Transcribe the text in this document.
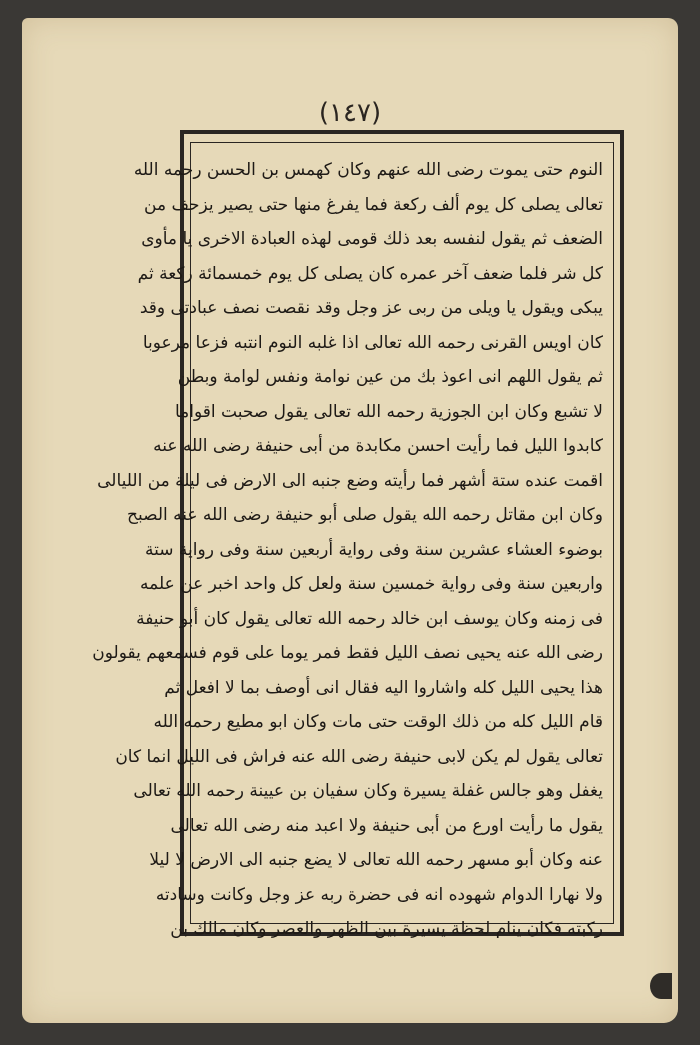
(١٤٧)
النوم حتى يموت رضى الله عنهم وكان كهمس بن الحسن رحمه الله
تعالى يصلى كل يوم ألف ركعة فما يفرغ منها حتى يصير يزحف من
الضعف ثم يقول لنفسه بعد ذلك قومى لهذه العبادة الاخرى يا مأوى
كل شر فلما ضعف آخر عمره كان يصلى كل يوم خمسمائة ركعة ثم
يبكى ويقول يا ويلى من ربى عز وجل وقد نقصت نصف عبادتى وقد
كان اويس القرنى رحمه الله تعالى اذا غلبه النوم انتبه فزعا مرعوبا
ثم يقول اللهم انى اعوذ بك من عين نوامة ونفس لوامة وبطن
لا تشبع وكان ابن الجوزية رحمه الله تعالى يقول صحبت اقواما
كابدوا الليل فما رأيت احسن مكابدة من أبى حنيفة رضى الله عنه
اقمت عنده ستة أشهر فما رأيته وضع جنبه الى الارض فى ليلة من الليالى
وكان ابن مقاتل رحمه الله يقول صلى أبو حنيفة رضى الله عنه الصبح
بوضوء العشاء عشرين سنة وفى رواية أربعين سنة وفى رواية ستة
واربعين سنة وفى رواية خمسين سنة ولعل كل واحد اخبر عن علمه
فى زمنه وكان يوسف ابن خالد رحمه الله تعالى يقول كان أبو حنيفة
رضى الله عنه يحيى نصف الليل فقط فمر يوما على قوم فسمعهم يقولون
هذا يحيى الليل كله واشاروا اليه فقال انى أوصف بما لا افعل ثم
قام الليل كله من ذلك الوقت حتى مات وكان ابو مطيع رحمه الله
تعالى يقول لم يكن لابى حنيفة رضى الله عنه فراش فى الليل انما كان
يغفل وهو جالس غفلة يسيرة وكان سفيان بن عيينة رحمه الله تعالى
يقول ما رأيت اورع من أبى حنيفة ولا اعبد منه رضى الله تعالى
عنه وكان أبو مسهر رحمه الله تعالى لا يضع جنبه الى الارض لا ليلا
ولا نهارا الدوام شهوده انه فى حضرة ربه عز وجل وكانت وسادته
ركبته فكان ينام لحظة يسيرة بين الظهر والعصر وكان مالك بن
